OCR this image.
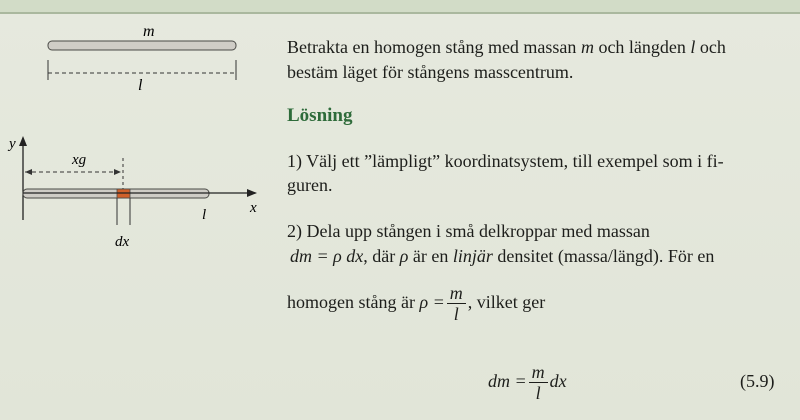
m
l
y
x
xg
dx
l
Betrakta en homogen stång med massan m och längden l och
bestäm läget för stångens masscentrum.
Lösning
1) Välj ett ”lämpligt” koordinatsystem, till exempel som i fi-
guren.
2) Dela upp stången i små delkroppar med massan
dm = ρ dx, där ρ är en linjär densitet (massa/längd). För en
homogen stång är $\rho = \frac{m}{l}$ , vilket ger
dm = $\frac{m}{l}$ dx	(5.9)
